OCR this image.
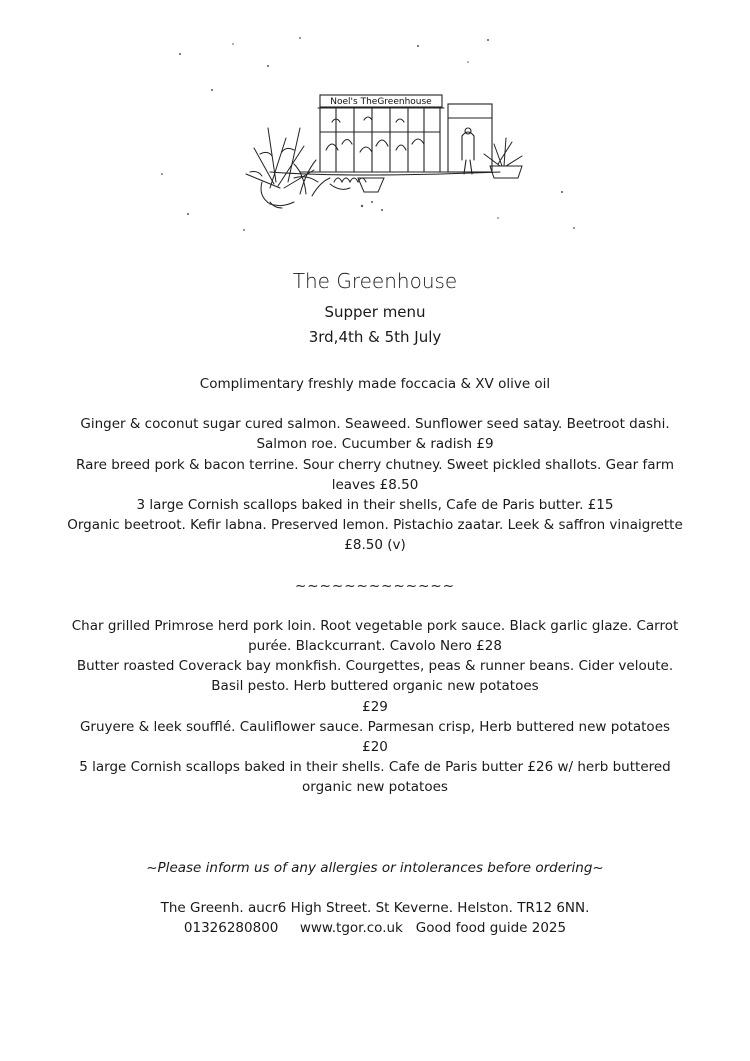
Noel's TheGreenhouse

The Greenhouse

Supper menu

3rd,4th & 5th July

Complimentary freshly made foccacia & XV olive oil

Ginger & coconut sugar cured salmon. Seaweed. Sunflower seed satay. Beetroot dashi. Salmon roe. Cucumber & radish £9

Rare breed pork & bacon terrine. Sour cherry chutney. Sweet pickled shallots. Gear farm leaves £8.50

3 large Cornish scallops baked in their shells, Cafe de Paris butter. £15

Organic beetroot. Kefir labna. Preserved lemon. Pistachio zaatar. Leek & saffron vinaigrette £8.50 (v)

~~~~~~~~~~~~~

Char grilled Primrose herd pork loin. Root vegetable pork sauce. Black garlic glaze. Carrot purée. Blackcurrant. Cavolo Nero £28

Butter roasted Coverack bay monkfish. Courgettes, peas & runner beans. Cider veloute. Basil pesto. Herb buttered organic new potatoes

£29

Gruyere & leek soufflé. Cauliflower sauce. Parmesan crisp, Herb buttered new potatoes

£20

5 large Cornish scallops baked in their shells. Cafe de Paris butter £26 w/ herb buttered organic new potatoes

~Please inform us of any allergies or intolerances before ordering~

The Greenh. aucr6 High Street. St Keverne. Helston. TR12 6NN.

01326280800 www.tgor.co.uk Good food guide 2025
